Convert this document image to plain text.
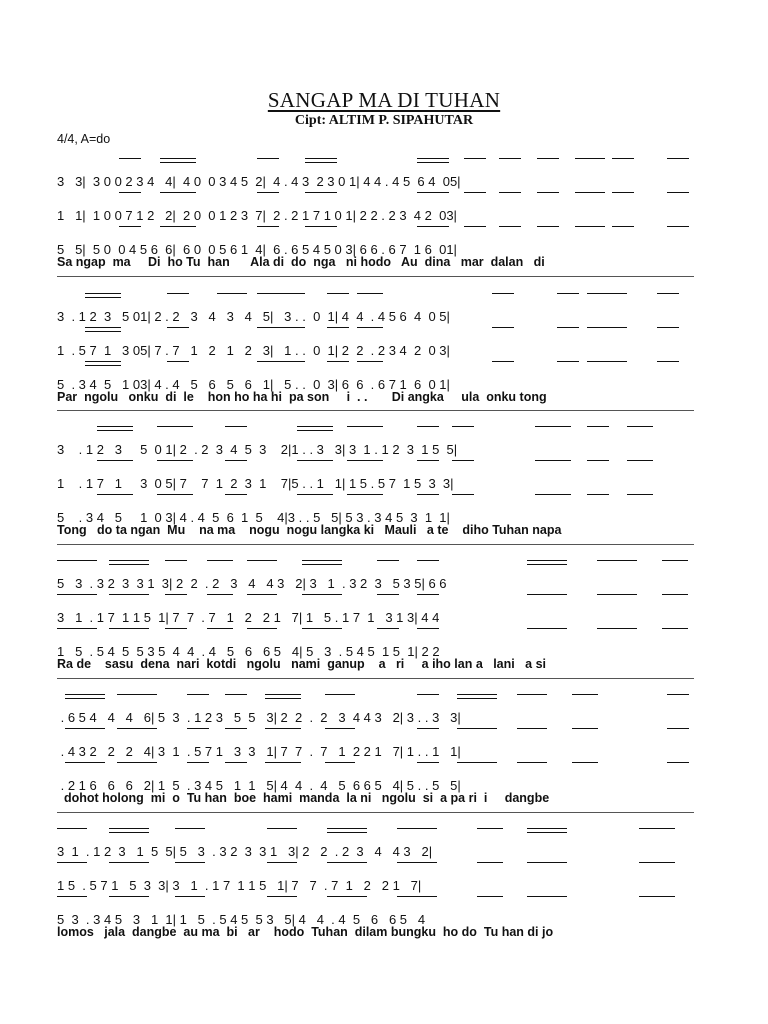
SANGAP MA DI TUHAN
Cipt: ALTIM P. SIPAHUTAR
4/4, A=do
3   3|  3 0 0 2 3 4   4|  4 0  0 3 4 5  2|  4 . 4 3  2 3 0 1| 4 4 . 4 5  6 4  05|
1   1|  1 0 0 7 1 2   2|  2 0  0 1 2 3  7|  2 . 2 1 7 1 0 1| 2 2 . 2 3  4 2  03|
5   5|  5 0  0 4 5 6  6|  6 0  0 5 6 1  4|  6 . 6 5 4 5 0 3| 6 6 . 6 7  1 6  01|
Sa ngap  ma     Di  ho Tu  han      Ala di  do  nga   ni hodo   Au  dina   mar  dalan   di
3  . 1 2  3   5 01| 2 . 2   3   4   3   4   5|   3 . .  0  1| 4  4  . 4 5 6  4  0 5|
1  . 5 7  1   3 05| 7 . 7   1   2   1   2   3|   1 . .  0  1| 2  2  . 2 3 4  2  0 3|
5  . 3 4  5   1 03| 4 . 4   5   6   5   6   1|   5 . .  0  3| 6  6  . 6 7 1  6  0 1|
Par  ngolu   onku  di  le    hon ho ha hi  pa son     i  . .       Di angka     ula  onku tong
3    . 1 2   3     5  0 1| 2  . 2  3  4  5  3    2|1 . . 3   3| 3  1 . 1 2  3  1 5  5|
1    . 1 7   1     3  0 5| 7    7  1  2  3  1    7|5 . . 1   1| 1 5 . 5 7  1 5  3  3|
5    . 3 4   5     1  0 3| 4 . 4  5  6  1  5    4|3 . . 5   5| 5 3 . 3 4 5  3  1  1|
Tong   do ta ngan  Mu    na ma    nogu  nogu langka ki   Mauli   a te    diho Tuhan napa
5   3  . 3 2  3  3 1  3| 2  2  . 2   3   4   4 3   2| 3   1  . 3 2  3   5 3 5| 6 6
3   1  . 1 7  1 1 5  1| 7  7  . 7   1   2   2 1   7| 1   5 . 1 7  1   3 1 3| 4 4
1   5  . 5 4  5  5 3 5  4  4  . 4   5   6   6 5   4| 5   3  . 5 4 5  1 5  1| 2 2
Ra de    sasu  dena  nari  kotdi   ngolu   nami  ganup    a   ri     a iho lan a   lani   a si
. 6 5 4   4   4   6| 5  3  . 1 2 3   5  5   3| 2  2  .  2   3  4 4 3   2| 3 . . 3   3|
. 4 3 2   2   2   4| 3  1  . 5 7 1   3  3   1| 7  7  .  7   1  2 2 1   7| 1 . . 1   1|
. 2 1 6   6   6   2| 1  5  . 3 4 5   1  1   5| 4  4  .  4   5  6 6 5   4| 5 . . 5   5|
dohot holong  mi  o  Tu han  boe  hami  manda  la ni   ngolu  si  a pa ri  i     dangbe
3  1  . 1 2  3   1  5  5| 5   3  . 3 2  3  3 1   3| 2   2  . 2  3   4   4 3   2|
1 5  . 5 7 1   5  3  3| 3   1  . 1 7  1 1 5   1| 7   7  . 7  1   2   2 1   7|
5  3  . 3 4 5   3   1  1| 1   5  . 5 4 5  5 3   5| 4   4  . 4  5   6   6 5   4
lomos   jala  dangbe  au ma  bi   ar    hodo  Tuhan  dilam bungku  ho do  Tu han di jo
